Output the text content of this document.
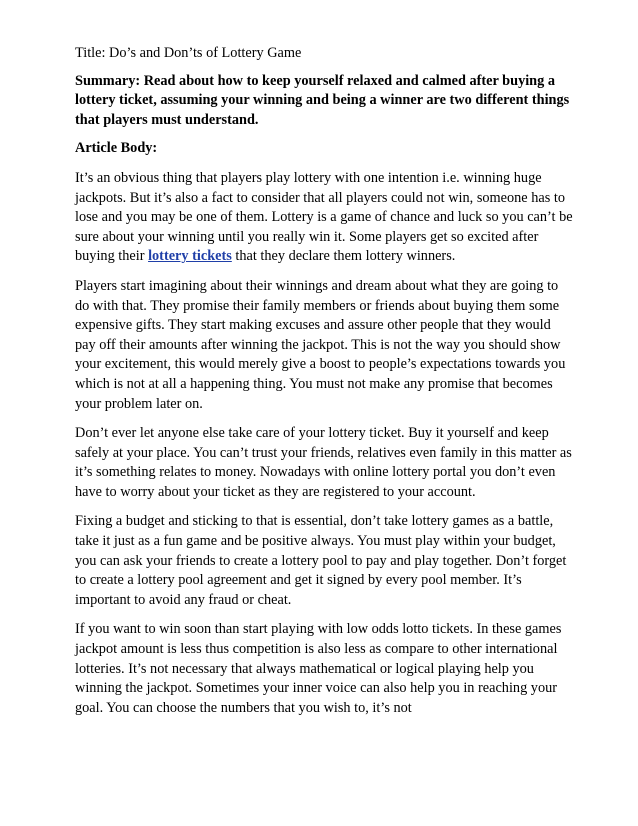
Title: Do’s and Don’ts of Lottery Game

Summary: Read about how to keep yourself relaxed and calmed after buying a lottery ticket, assuming your winning and being a winner are two different things that players must understand.

Article Body:

It’s an obvious thing that players play lottery with one intention i.e. winning huge jackpots. But it’s also a fact to consider that all players could not win, someone has to lose and you may be one of them. Lottery is a game of chance and luck so you can’t be sure about your winning until you really win it. Some players get so excited after buying their lottery tickets that they declare them lottery winners.

Players start imagining about their winnings and dream about what they are going to do with that. They promise their family members or friends about buying them some expensive gifts. They start making excuses and assure other people that they would pay off their amounts after winning the jackpot. This is not the way you should show your excitement, this would merely give a boost to people’s expectations towards you which is not at all a happening thing. You must not make any promise that becomes your problem later on.

Don’t ever let anyone else take care of your lottery ticket. Buy it yourself and keep safely at your place. You can’t trust your friends, relatives even family in this matter as it’s something relates to money. Nowadays with online lottery portal you don’t even have to worry about your ticket as they are registered to your account.

Fixing a budget and sticking to that is essential, don’t take lottery games as a battle, take it just as a fun game and be positive always. You must play within your budget, you can ask your friends to create a lottery pool to pay and play together. Don’t forget to create a lottery pool agreement and get it signed by every pool member. It’s important to avoid any fraud or cheat.

If you want to win soon than start playing with low odds lotto tickets. In these games jackpot amount is less thus competition is also less as compare to other international lotteries. It’s not necessary that always mathematical or logical playing help you winning the jackpot. Sometimes your inner voice can also help you in reaching your goal. You can choose the numbers that you wish to, it’s not
